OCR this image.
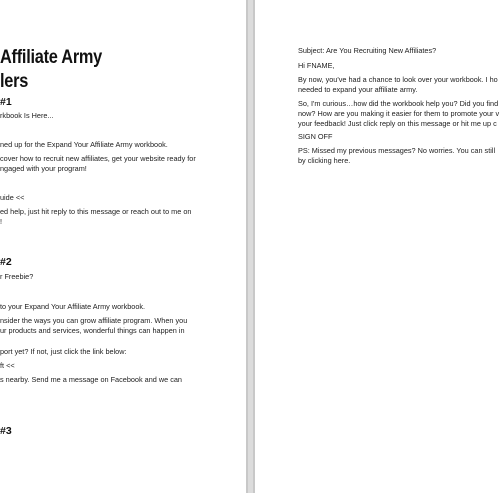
Affiliate Army
lers
#1
rkbook Is Here...
ned up for the Expand Your Affiliate Army workbook.
cover how to recruit new affiliates, get your website ready for
ngaged with your program!
uide <<
ed help, just hit reply to this message or reach out to me on
!
#2
r Freebie?
to your Expand Your Affiliate Army workbook.
nsider the ways you can grow affiliate program. When you
ur products and services, wonderful things can happen in
port yet? If not, just click the link below:
ft <<
s nearby. Send me a message on Facebook and we can
#3
Subject: Are You Recruiting New Affiliates?
Hi FNAME,
By now, you've had a chance to look over your workbook. I ho
needed to expand your affiliate army.
So, I'm curious…how did the workbook help you? Did you find
now? How are you making it easier for them to promote your v
your feedback! Just click reply on this message or hit me up c
SIGN OFF
PS: Missed my previous messages? No worries. You can still
by clicking here.
